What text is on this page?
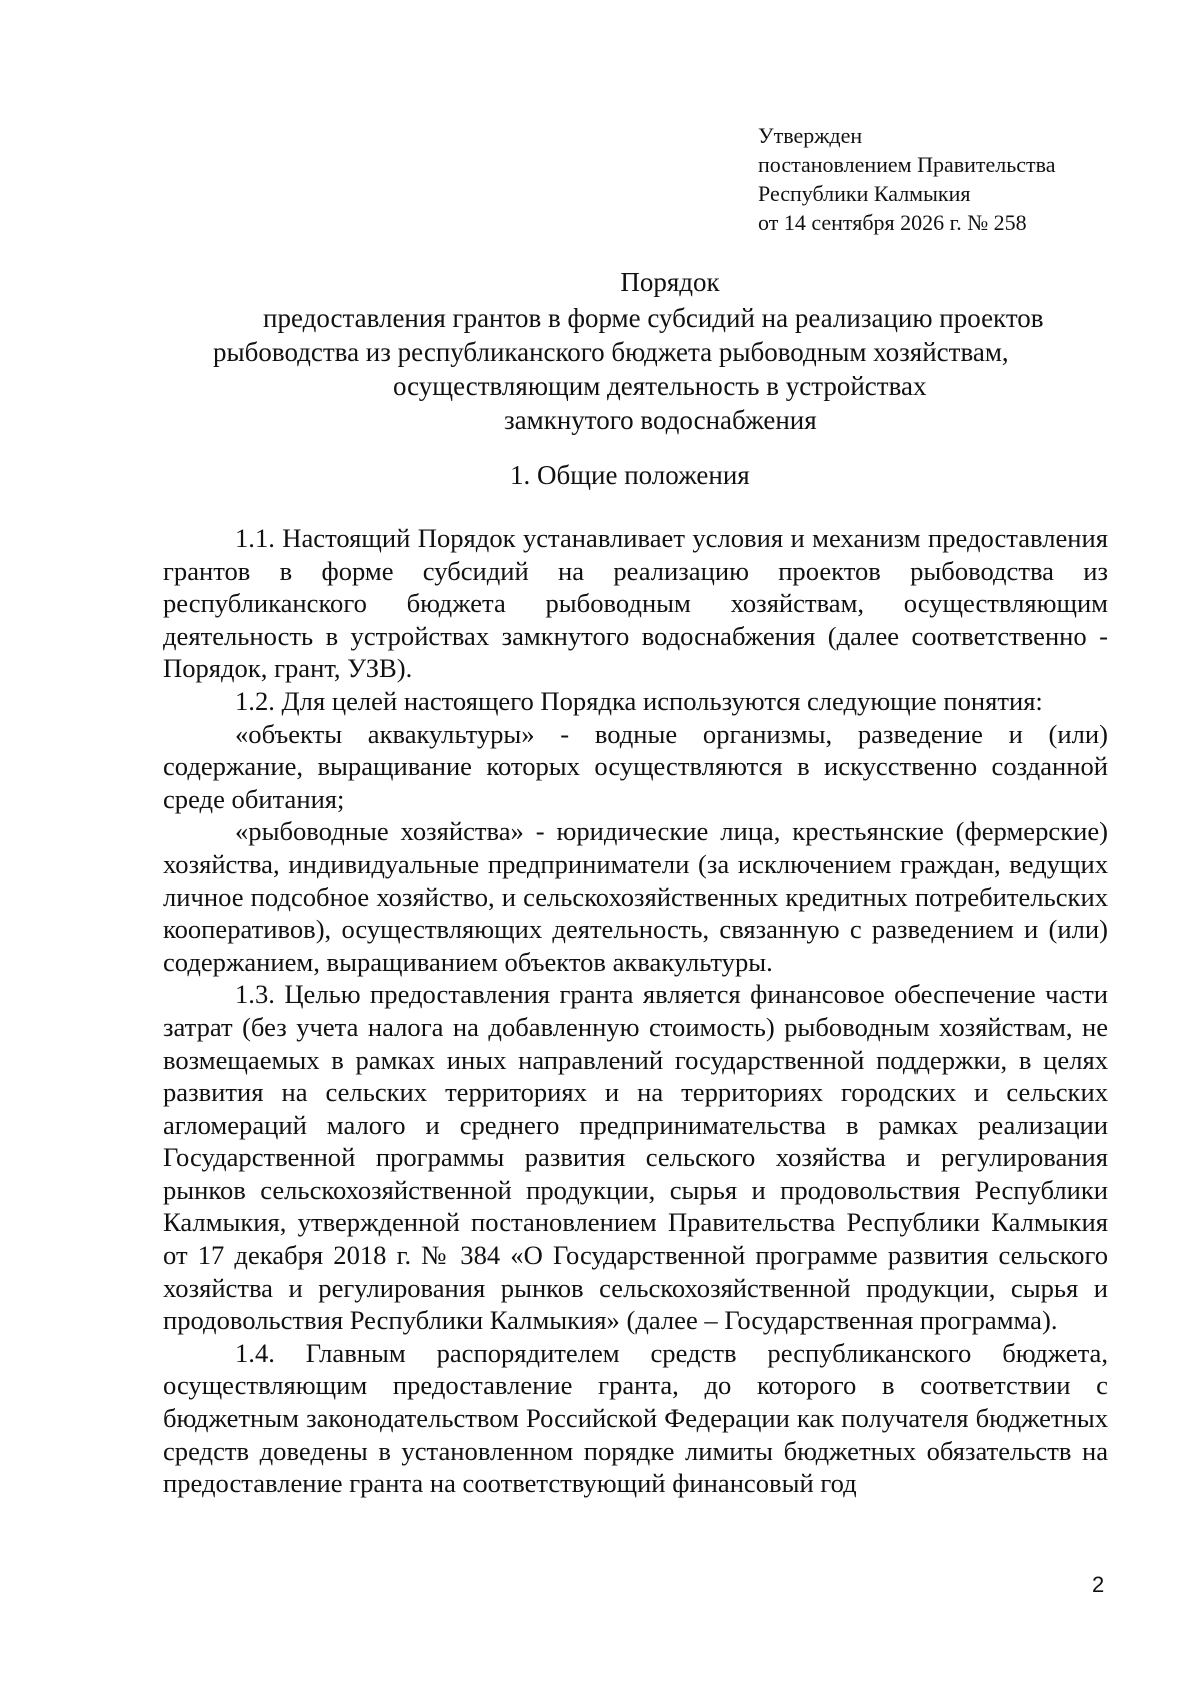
Утвержден
постановлением Правительства
Республики Калмыкия
от 14 сентября 2026 г. № 258
Порядок
предоставления грантов в форме субсидий на реализацию проектов
рыбоводства из республиканского бюджета рыбоводным хозяйствам,
осуществляющим деятельность в устройствах
замкнутого водоснабжения
1. Общие положения

1.1. Настоящий Порядок устанавливает условия и механизм предоставления грантов в форме субсидий на реализацию проектов рыбоводства из республиканского бюджета рыбоводным хозяйствам, осуществляющим деятельность в устройствах замкнутого водоснабжения (далее соответственно - Порядок, грант, УЗВ).

1.2. Для целей настоящего Порядка используются следующие понятия:

«объекты аквакультуры» - водные организмы, разведение и (или) содержание, выращивание которых осуществляются в искусственно созданной среде обитания;

«рыбоводные хозяйства» - юридические лица, крестьянские (фермерские) хозяйства, индивидуальные предприниматели (за исключением граждан, ведущих личное подсобное хозяйство, и сельскохозяйственных кредитных потребительских кооперативов), осуществляющих деятельность, связанную с разведением и (или) содержанием, выращиванием объектов аквакультуры.

1.3. Целью предоставления гранта является финансовое обеспечение части затрат (без учета налога на добавленную стоимость) рыбоводным хозяйствам, не возмещаемых в рамках иных направлений государственной поддержки, в целях развития на сельских территориях и на территориях городских и сельских агломераций малого и среднего предпринимательства в рамках реализации Государственной программы развития сельского хозяйства и регулирования рынков сельскохозяйственной продукции, сырья и продовольствия Республики Калмыкия, утвержденной постановлением Правительства Республики Калмыкия от 17 декабря 2018 г. № 384 «О Государственной программе развития сельского хозяйства и регулирования рынков сельскохозяйственной продукции, сырья и продовольствия Республики Калмыкия» (далее – Государственная программа).

1.4. Главным распорядителем средств республиканского бюджета, осуществляющим предоставление гранта, до которого в соответствии с бюджетным законодательством Российской Федерации как получателя бюджетных средств доведены в установленном порядке лимиты бюджетных обязательств на предоставление гранта на соответствующий финансовый год

2
